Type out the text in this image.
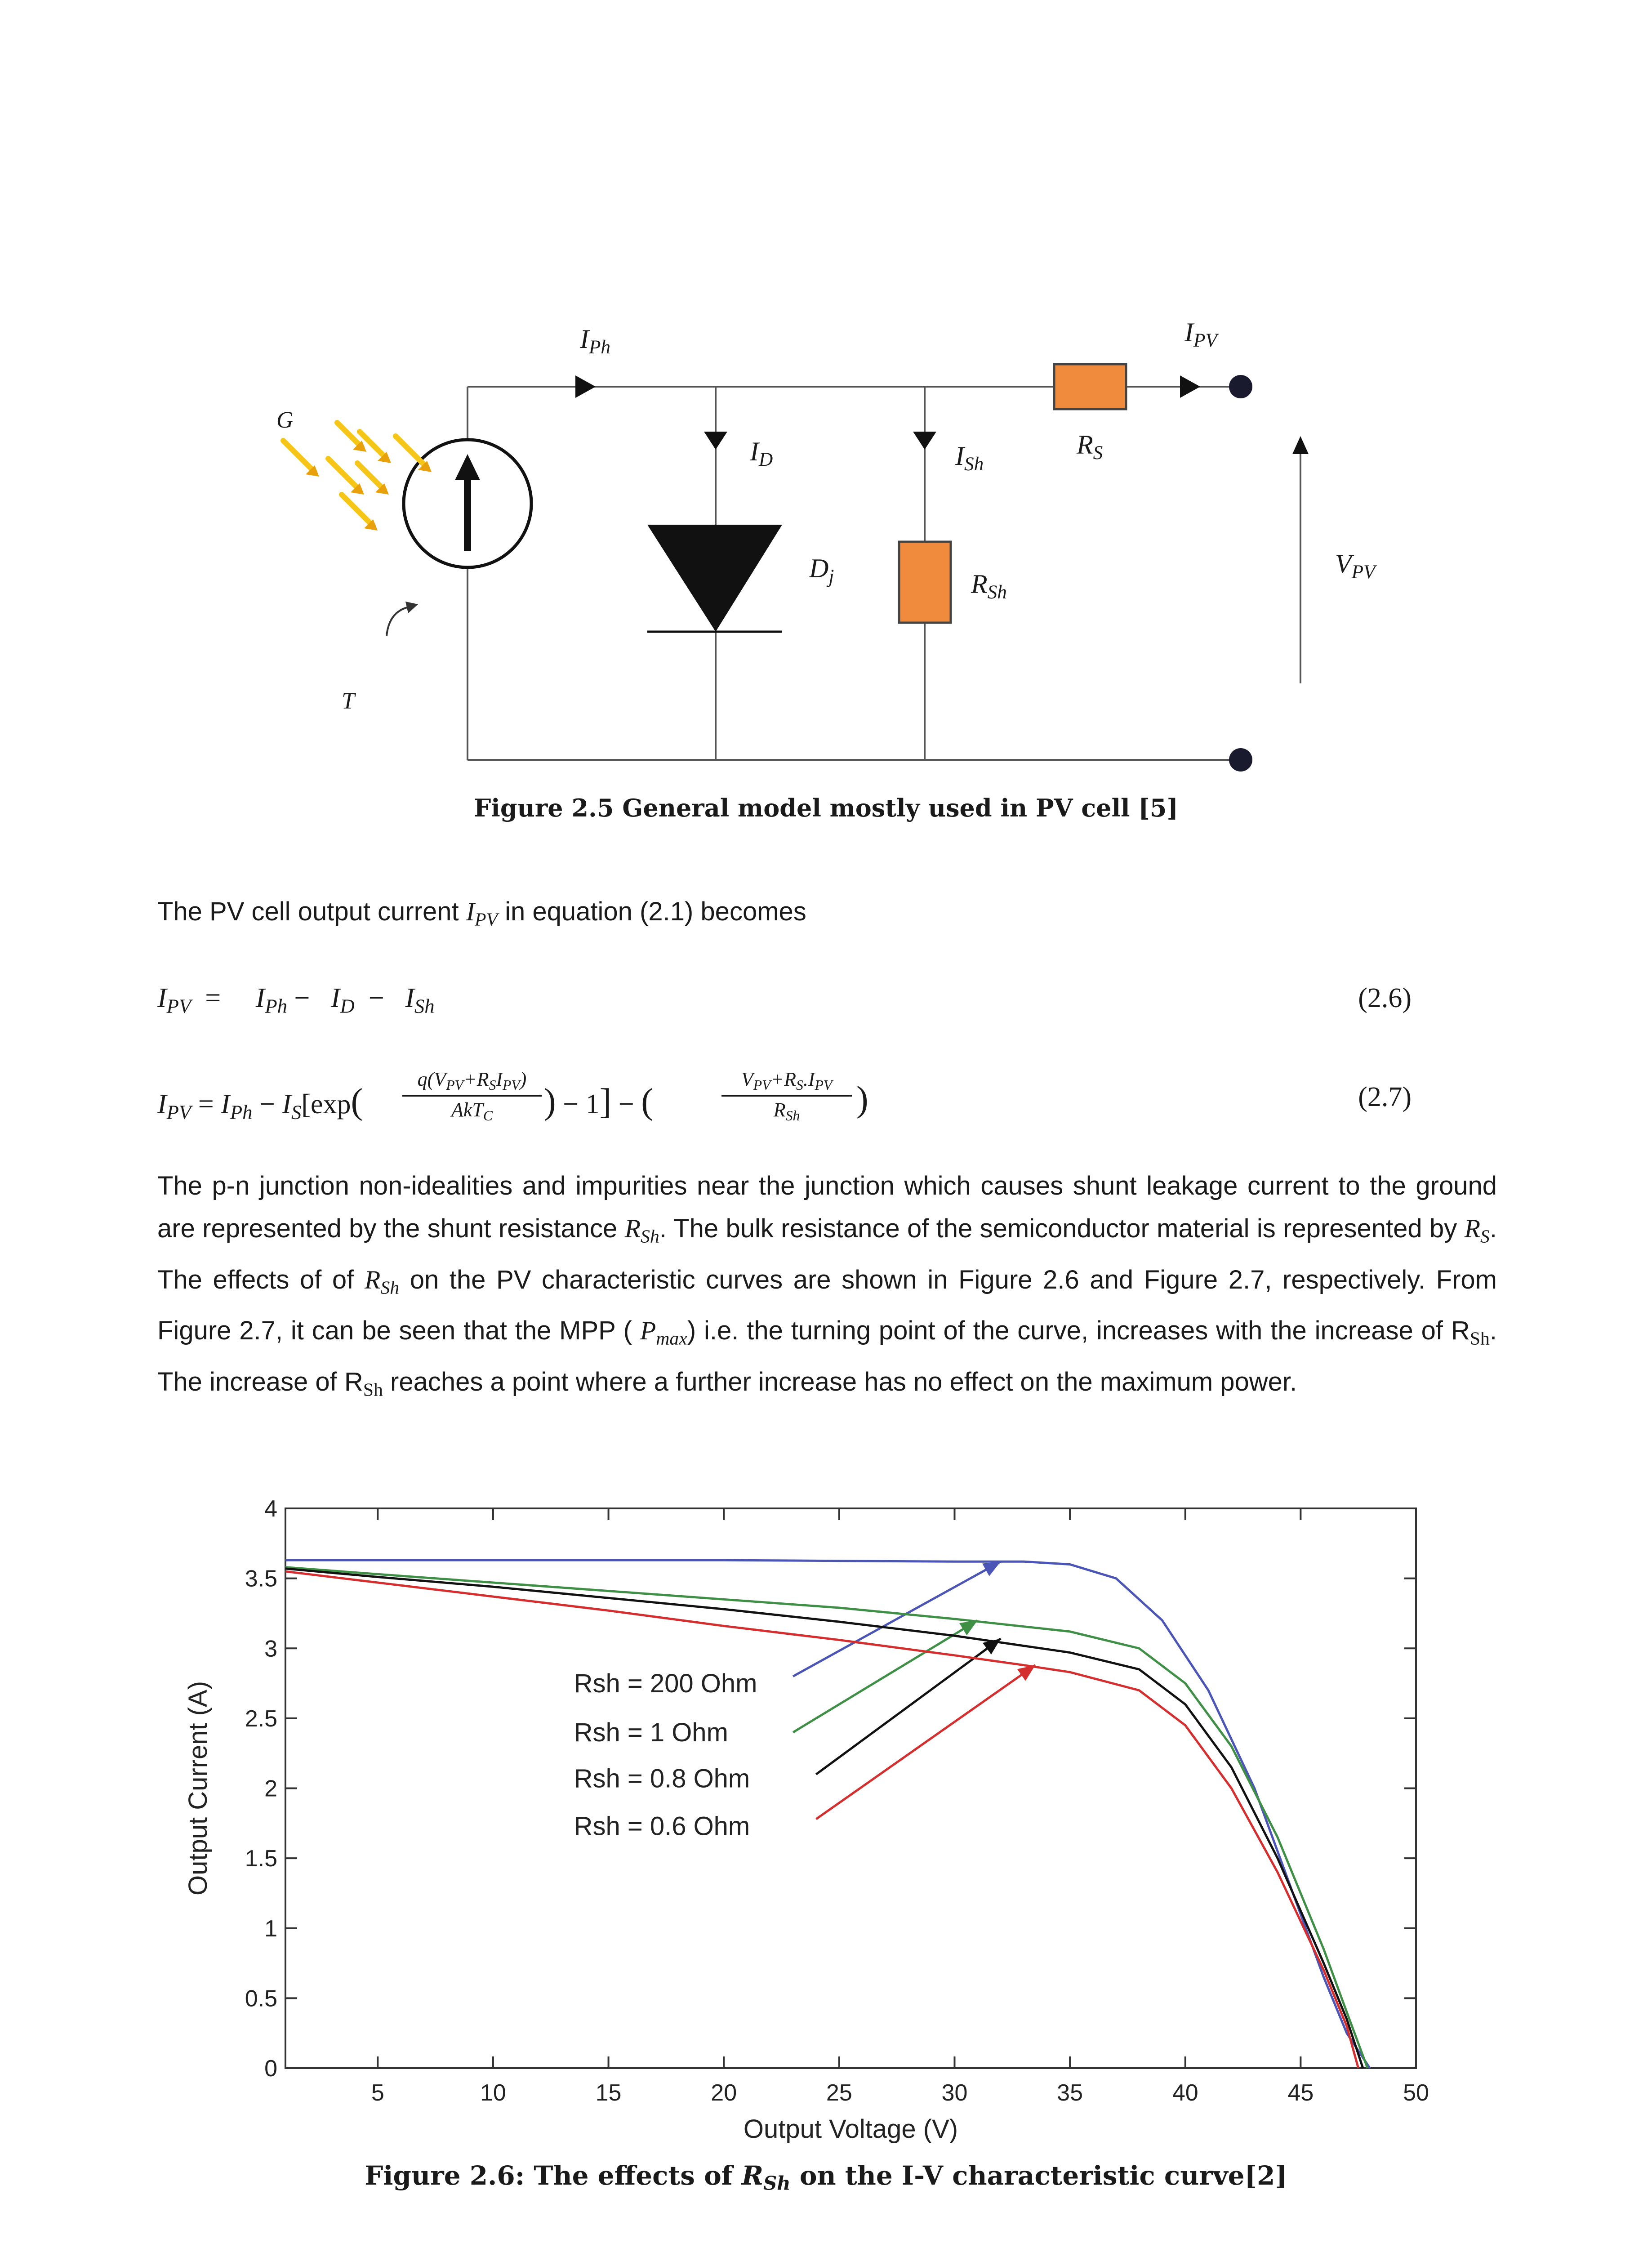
$I_{Ph}$
$I_{PV}$
$I_D$	$I_{Sh}$
$R_S$
$D_j$	$R_{Sh}$
$V_{PV}$
G
T
Figure 2.5 General model mostly used in PV cell [5]
The PV cell output current $I_{PV}$ in equation (2.1) becomes
$I_{PV}$  =     $I_{Ph} - I_D - I_{Sh}$	(2.6)
$I_{PV} = I_{Ph} - I_S[\exp$(
$q(V_{PV}+R_SI_{PV})$
AkT$_C$	) − 1] − (
$V_{PV}+R_S.I_{PV}$
$R_{Sh}$	)	(2.7)
The p-n junction non-idealities and impurities near the junction which causes shunt leakage current to the ground are represented by the shunt resistance $R_{Sh}$. The bulk resistance of the semiconductor material is represented by $R_S$. The effects of of $R_{Sh}$ on the PV characteristic curves are shown in Figure 2.6 and Figure 2.7, respectively. From Figure 2.7, it can be seen that the MPP ( $P_{max}$) i.e. the turning point of the curve, increases with the increase of $R_{Sh}$. The increase of $R_{Sh}$ reaches a point where a further increase has no effect on the maximum power.
5	10	15	20	25	30	35	40	45	50
0
0.5
1
1.5
2
2.5
3
3.5
4
Output Voltage (V)
Output Current (A)	Rsh = 200 Ohm
Rsh = 1 Ohm
Rsh = 0.8 Ohm
Rsh = 0.6 Ohm
Figure 2.6: The effects of $R_{Sh}$ on the I-V characteristic curve[2]
